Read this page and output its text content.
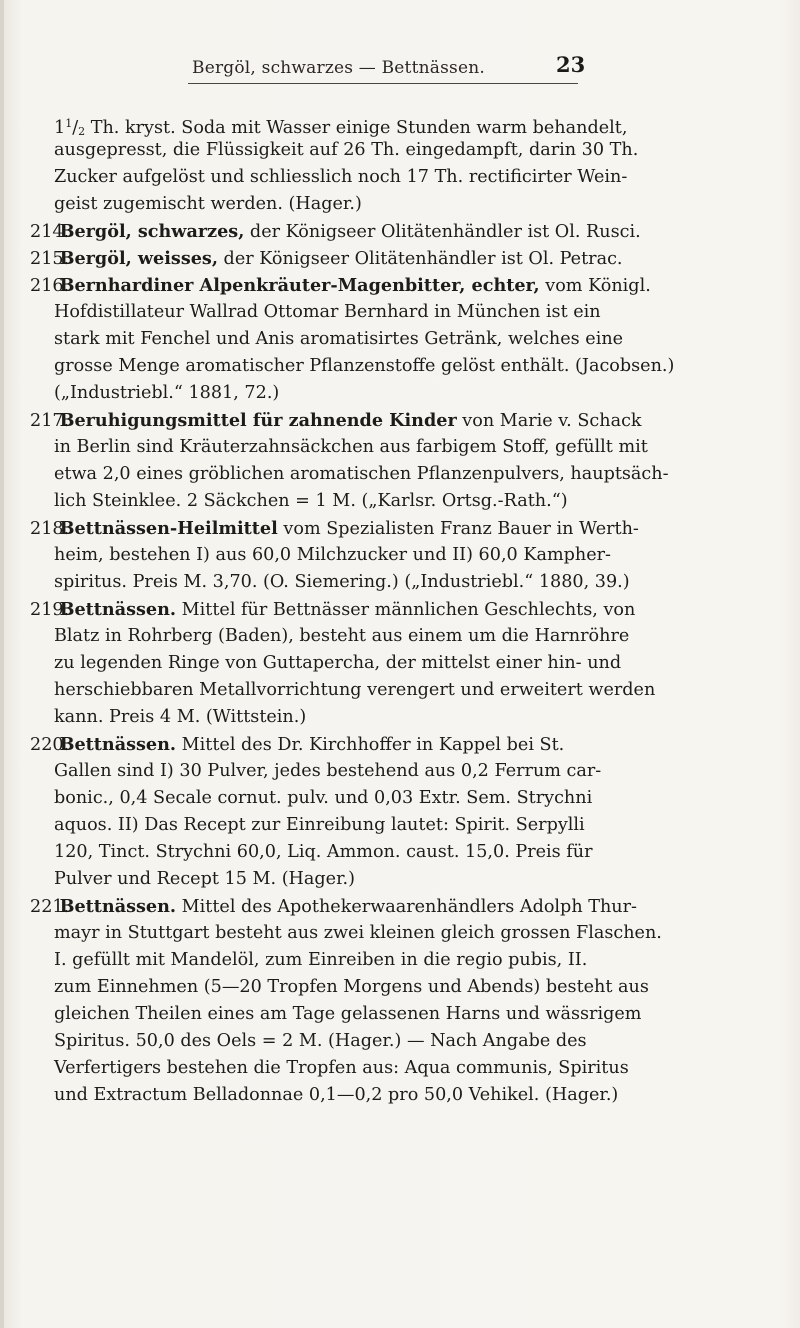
Bergöl, schwarzes — Bettnässen.	23
$1^1/_2$ Th. kryst. Soda mit Wasser einige Stunden warm behandelt,
ausgepresst, die Flüssigkeit auf 26 Th. eingedampft, darin 30 Th.
Zucker aufgelöst und schliesslich noch 17 Th. rectificirter Wein-
geist zugemischt werden. (Hager.)
214. Bergöl, schwarzes, der Königseer Olitätenhändler ist Ol. Rusci.
215. Bergöl, weisses, der Königseer Olitätenhändler ist Ol. Petrac.
216. Bernhardiner Alpenkräuter-Magenbitter, echter, vom Königl.
Hofdistillateur Wallrad Ottomar Bernhard in München ist ein
stark mit Fenchel und Anis aromatisirtes Getränk, welches eine
grosse Menge aromatischer Pflanzenstoffe gelöst enthält. (Jacobsen.)
(„Industriebl.“ 1881, 72.)
217. Beruhigungsmittel für zahnende Kinder von Marie v. Schack
in Berlin sind Kräuterzahnsäckchen aus farbigem Stoff, gefüllt mit
etwa 2,0 eines gröblichen aromatischen Pflanzenpulvers, hauptsäch-
lich Steinklee. 2 Säckchen = 1 M. („Karlsr. Ortsg.-Rath.“)
218. Bettnässen-Heilmittel vom Spezialisten Franz Bauer in Werth-
heim, bestehen I) aus 60,0 Milchzucker und II) 60,0 Kampher-
spiritus. Preis M. 3,70. (O. Siemering.) („Industriebl.“ 1880, 39.)
219. Bettnässen. Mittel für Bettnässer männlichen Geschlechts, von
Blatz in Rohrberg (Baden), besteht aus einem um die Harnröhre
zu legenden Ringe von Guttapercha, der mittelst einer hin- und
herschiebbaren Metallvorrichtung verengert und erweitert werden
kann. Preis 4 M. (Wittstein.)
220. Bettnässen. Mittel des Dr. Kirchhoffer in Kappel bei St.
Gallen sind I) 30 Pulver, jedes bestehend aus 0,2 Ferrum car-
bonic., 0,4 Secale cornut. pulv. und 0,03 Extr. Sem. Strychni
aquos. II) Das Recept zur Einreibung lautet: Spirit. Serpylli
120, Tinct. Strychni 60,0, Liq. Ammon. caust. 15,0. Preis für
Pulver und Recept 15 M. (Hager.)
221. Bettnässen. Mittel des Apothekerwaarenhändlers Adolph Thur-
mayr in Stuttgart besteht aus zwei kleinen gleich grossen Flaschen.
I. gefüllt mit Mandelöl, zum Einreiben in die regio pubis, II.
zum Einnehmen (5—20 Tropfen Morgens und Abends) besteht aus
gleichen Theilen eines am Tage gelassenen Harns und wässrigem
Spiritus. 50,0 des Oels = 2 M. (Hager.) — Nach Angabe des
Verfertigers bestehen die Tropfen aus: Aqua communis, Spiritus
und Extractum Belladonnae 0,1—0,2 pro 50,0 Vehikel. (Hager.)
